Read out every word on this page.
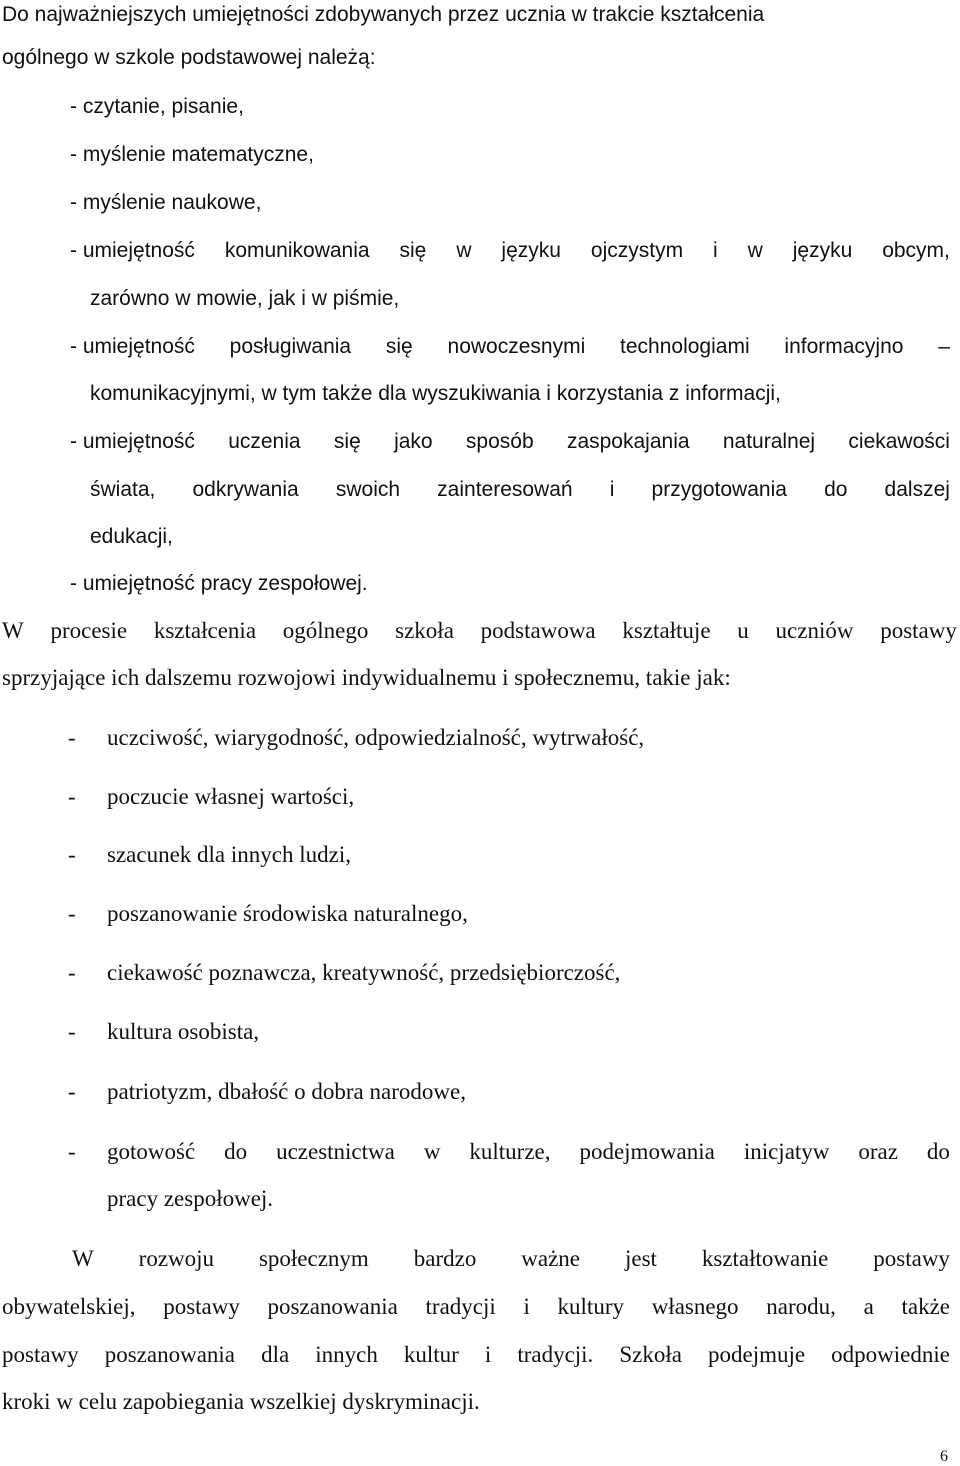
Do najważniejszych umiejętności zdobywanych przez ucznia w trakcie kształcenia
ogólnego w szkole podstawowej należą:
- czytanie, pisanie,
- myślenie matematyczne,
- myślenie naukowe,
- umiejętność komunikowania się w języku ojczystym i w języku obcym,
zarówno w mowie, jak i w piśmie,
- umiejętność posługiwania się nowoczesnymi technologiami informacyjno –
komunikacyjnymi, w tym także dla wyszukiwania i korzystania z informacji,
- umiejętność uczenia się jako sposób zaspokajania naturalnej ciekawości
świata, odkrywania swoich zainteresowań i przygotowania do dalszej
edukacji,
- umiejętność pracy zespołowej.
W procesie kształcenia ogólnego szkoła podstawowa kształtuje u uczniów postawy
sprzyjające ich dalszemu rozwojowi indywidualnemu i społecznemu, takie jak:
- uczciwość, wiarygodność, odpowiedzialność, wytrwałość,
- poczucie własnej wartości,
- szacunek dla innych ludzi,
- poszanowanie środowiska naturalnego,
- ciekawość poznawcza, kreatywność, przedsiębiorczość,
- kultura osobista,
- patriotyzm, dbałość o dobra narodowe,
- gotowość do uczestnictwa w kulturze, podejmowania inicjatyw oraz do
pracy zespołowej.
W rozwoju społecznym bardzo ważne jest kształtowanie postawy
obywatelskiej, postawy poszanowania tradycji i kultury własnego narodu, a także
postawy poszanowania dla innych kultur i tradycji. Szkoła podejmuje odpowiednie
kroki w celu zapobiegania wszelkiej dyskryminacji.
6
